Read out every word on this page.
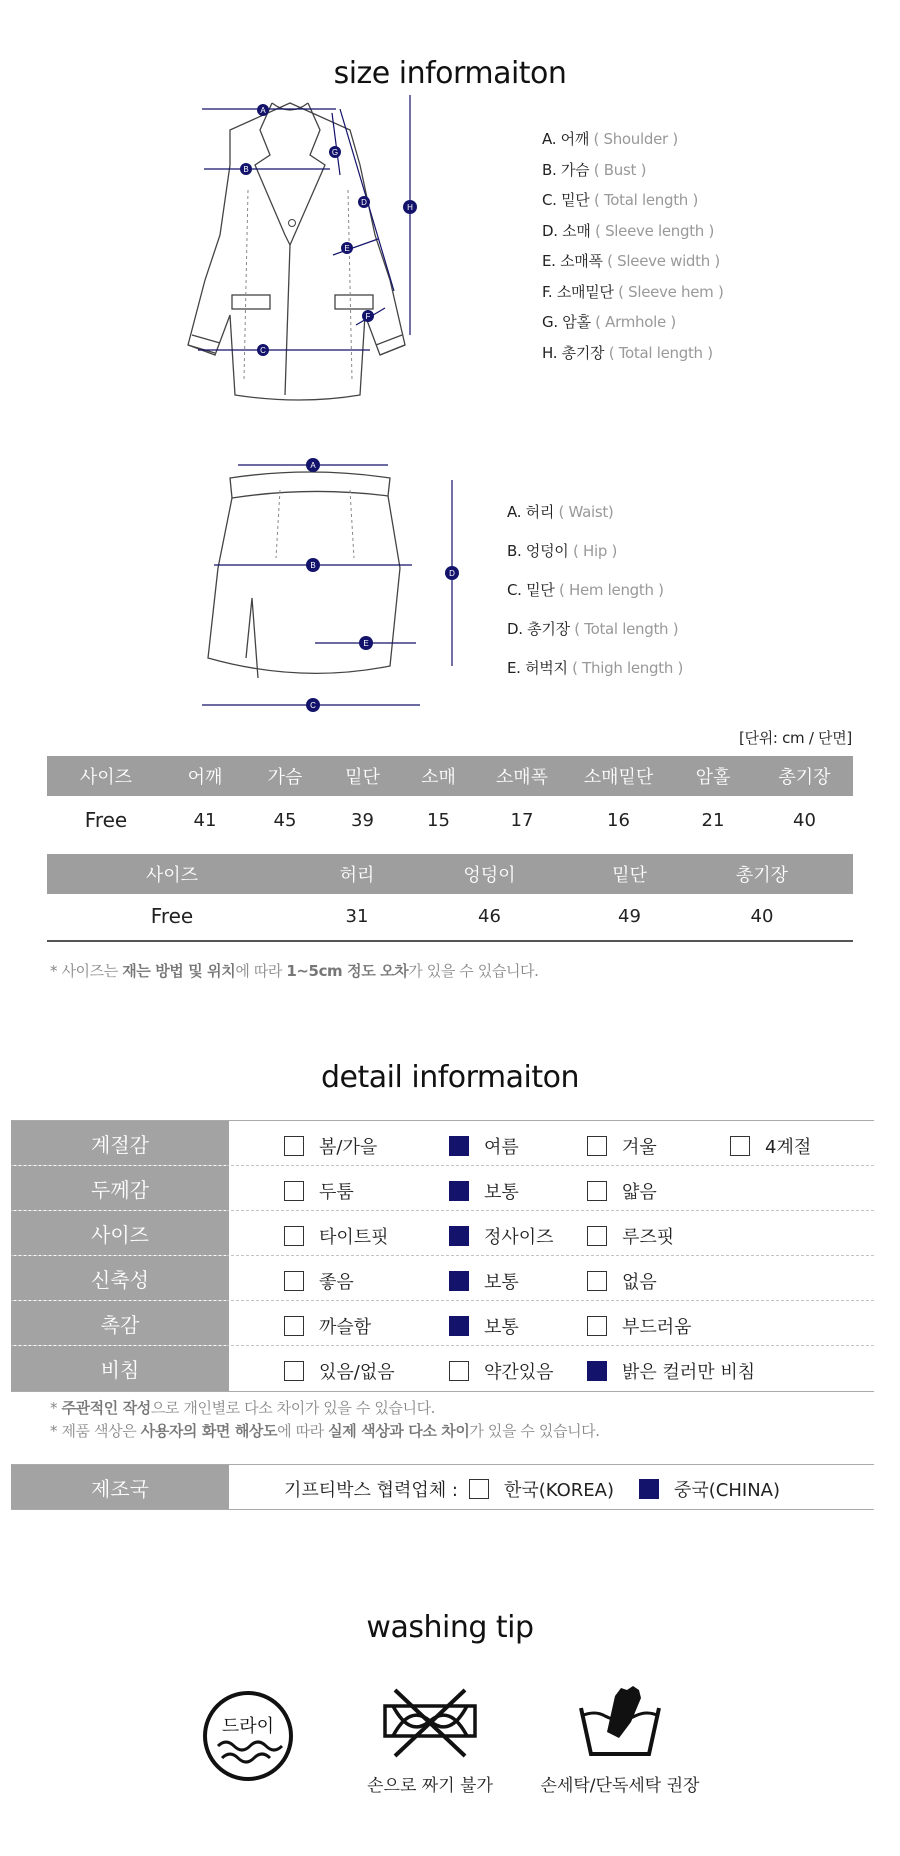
size informaiton
A
B
C
D
E
F
G
H
A. 어깨 ( Shoulder )
B. 가슴 ( Bust )
C. 밑단 ( Total length )
D. 소매 ( Sleeve length )
E. 소매폭 ( Sleeve width )
F. 소매밑단 ( Sleeve hem )
G. 암홀 ( Armhole )
H. 총기장 ( Total length )
A
B
C
D
E
A. 허리 ( Waist)
B. 엉덩이 ( Hip )
C. 밑단 ( Hem length )
D. 총기장 ( Total length )
E. 허벅지 ( Thigh length )
[단위: cm / 단면]
사이즈	어깨	가슴	밑단	소매	소매폭	소매밑단	암홀	총기장
Free	41	45	39	15	17	16	21	40
사이즈	허리	엉덩이	밑단	총기장
Free	31	46	49	40
* 사이즈는 재는 방법 및 위치에 따라 1~5cm 정도 오차가 있을 수 있습니다.
detail informaiton
계절감	봄/가을	여름	겨울	4계절
두께감	두툼	보통	얇음
사이즈	타이트핏	정사이즈	루즈핏
신축성	좋음	보통	없음
촉감	까슬함	보통	부드러움
비침	있음/없음	약간있음	밝은 컬러만 비침
* 주관적인 작성으로 개인별로 다소 차이가 있을 수 있습니다.
* 제품 색상은 사용자의 화면 해상도에 따라 실제 색상과 다소 차이가 있을 수 있습니다.
제조국	기프티박스 협력업체 :	한국(KOREA)	중국(CHINA)
washing tip
드라이
손으로 짜기 불가	손세탁/단독세탁 권장
